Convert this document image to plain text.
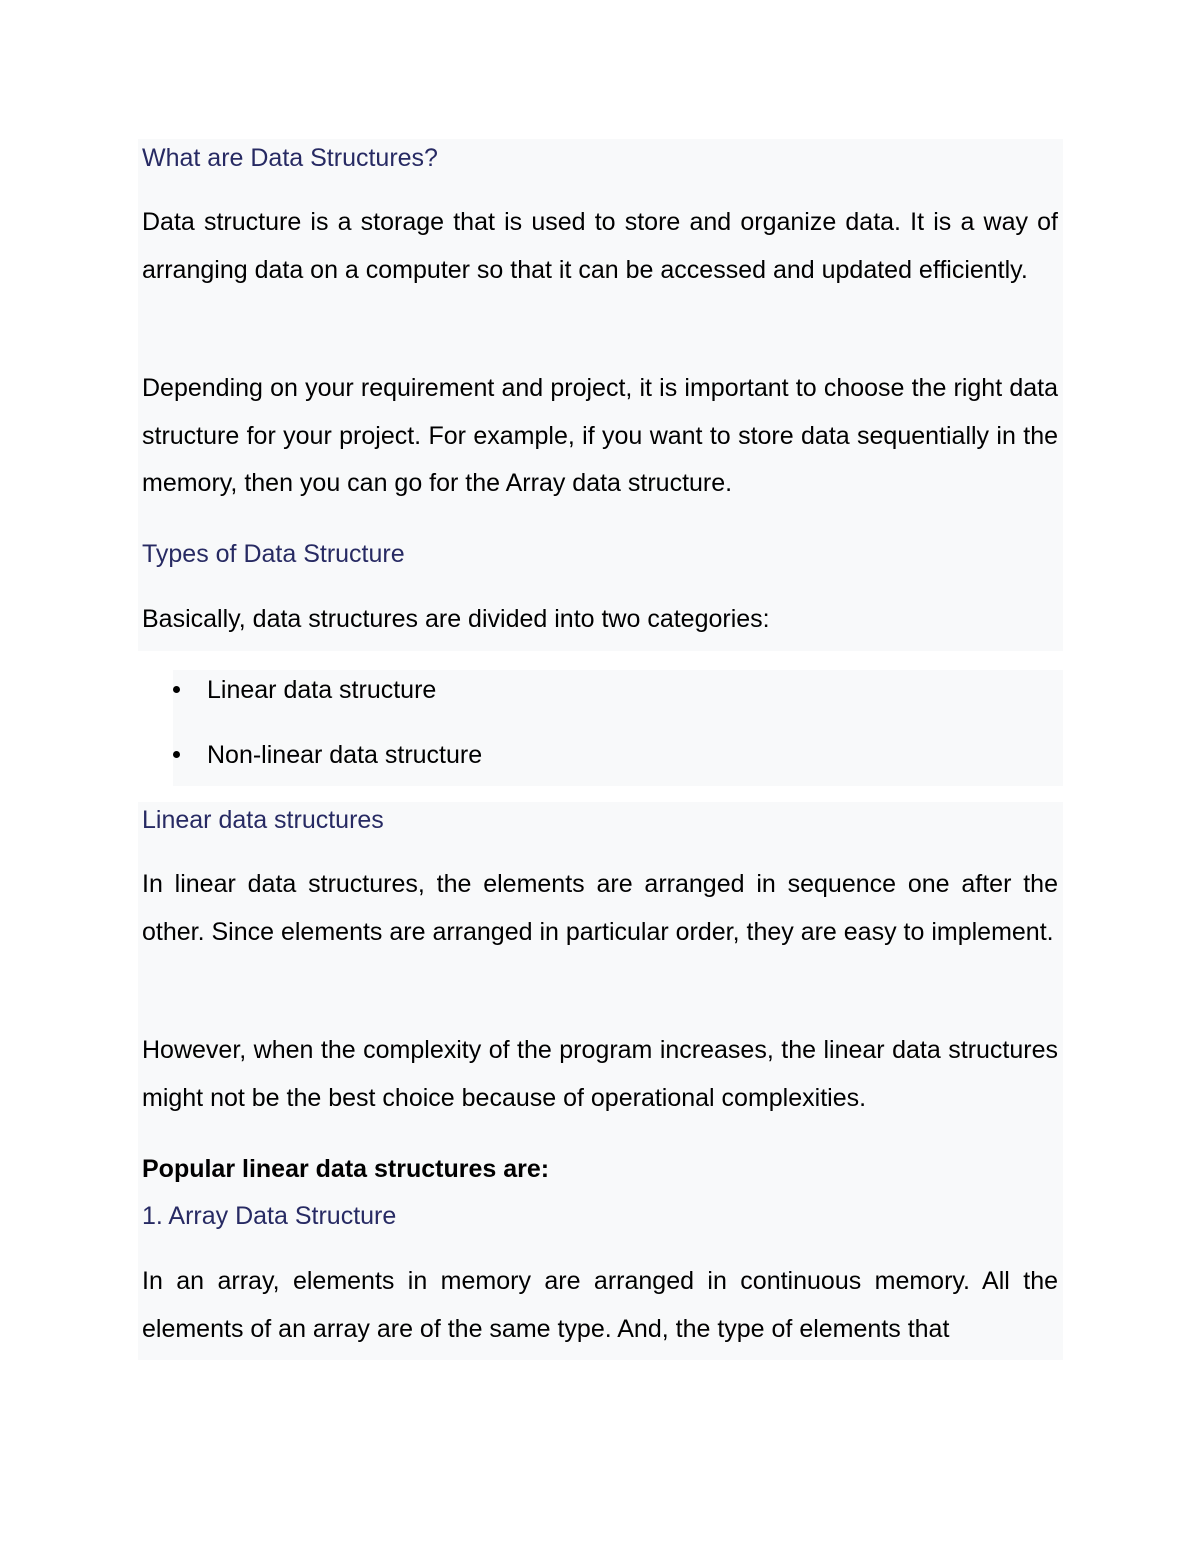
What are Data Structures?

Data structure is a storage that is used to store and organize data. It is a way of arranging data on a computer so that it can be accessed and updated efficiently.

Depending on your requirement and project, it is important to choose the right data structure for your project. For example, if you want to store data sequentially in the memory, then you can go for the Array data structure.

Types of Data Structure

Basically, data structures are divided into two categories:

Linear data structure
Non-linear data structure
Linear data structures

In linear data structures, the elements are arranged in sequence one after the other. Since elements are arranged in particular order, they are easy to implement.

However, when the complexity of the program increases, the linear data structures might not be the best choice because of operational complexities.

Popular linear data structures are:
1. Array Data Structure

In an array, elements in memory are arranged in continuous memory. All the elements of an array are of the same type. And, the type of elements that
